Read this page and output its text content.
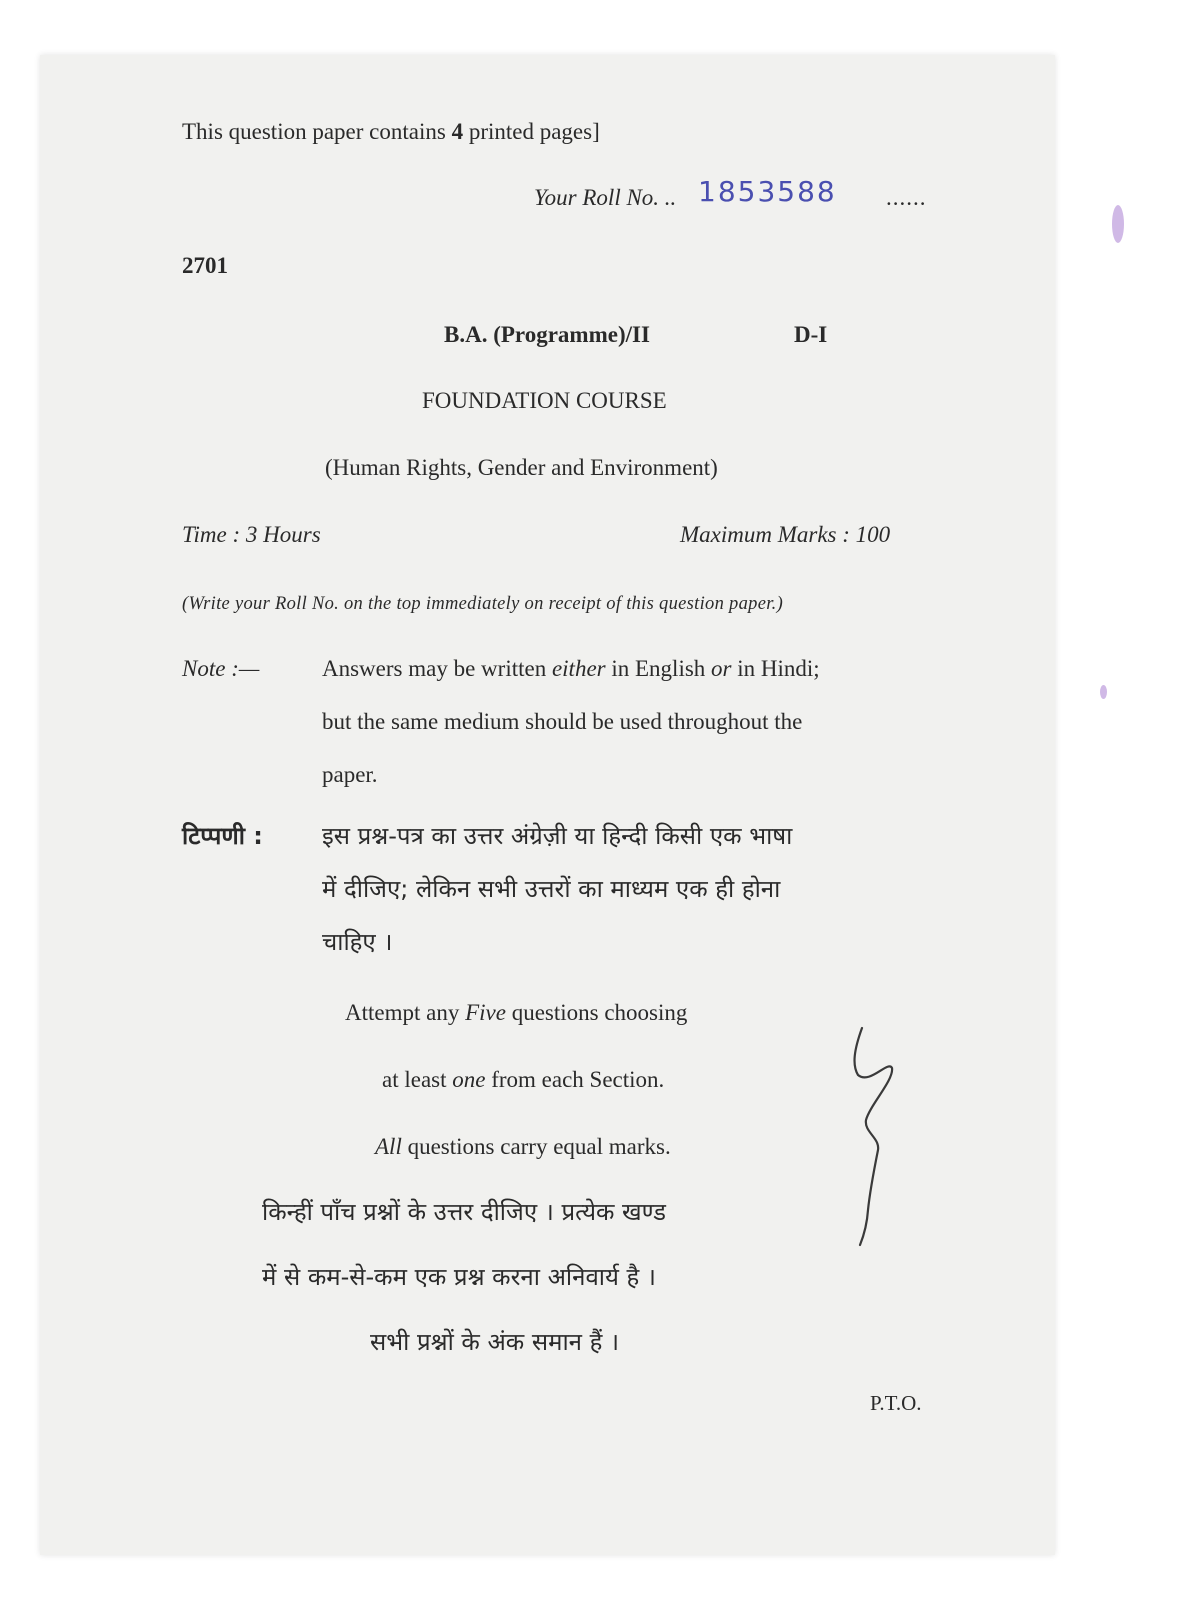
This question paper contains 4 printed pages]
Your Roll No. .. 1853588 ......
2701
B.A. (Programme)/II	D-I
FOUNDATION COURSE
(Human Rights, Gender and Environment)
Time : 3 Hours	Maximum Marks : 100
(Write your Roll No. on the top immediately on receipt of this question paper.)
Note :—	Answers may be written either in English or in Hindi;
but the same medium should be used throughout the
paper.
टिप्पणी : इस प्रश्न-पत्र का उत्तर अंग्रेज़ी या हिन्दी किसी एक भाषा
में दीजिए; लेकिन सभी उत्तरों का माध्यम एक ही होना
चाहिए ।
Attempt any Five questions choosing
at least one from each Section.
All questions carry equal marks.
किन्हीं पाँच प्रश्नों के उत्तर दीजिए । प्रत्येक खण्ड
में से कम-से-कम एक प्रश्न करना अनिवार्य है ।
सभी प्रश्नों के अंक समान हैं ।
P.T.O.
